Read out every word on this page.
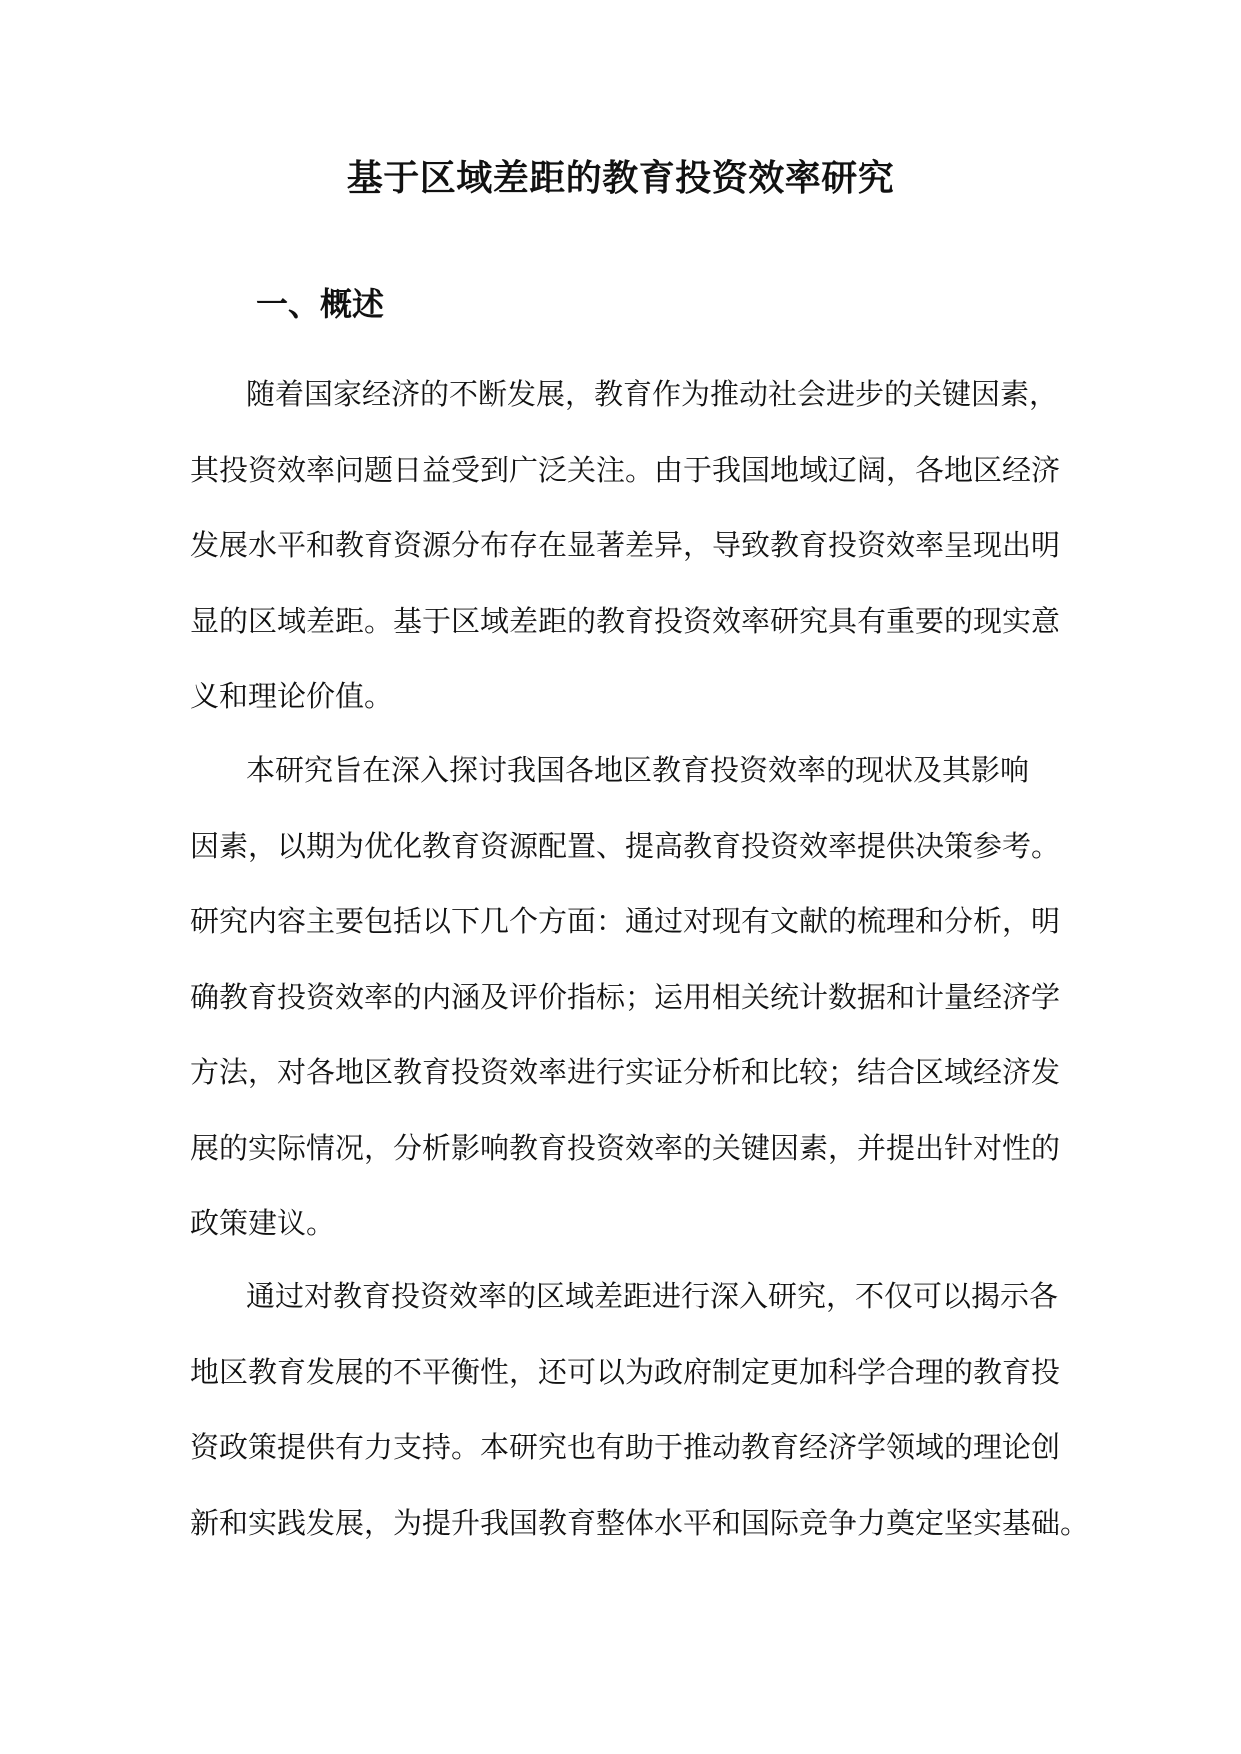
基于区域差距的教育投资效率研究
一、概述
随着国家经济的不断发展，教育作为推动社会进步的关键因素，
其投资效率问题日益受到广泛关注。由于我国地域辽阔，各地区经济
发展水平和教育资源分布存在显著差异，导致教育投资效率呈现出明
显的区域差距。基于区域差距的教育投资效率研究具有重要的现实意
义和理论价值。
本研究旨在深入探讨我国各地区教育投资效率的现状及其影响
因素，以期为优化教育资源配置、提高教育投资效率提供决策参考。
研究内容主要包括以下几个方面：通过对现有文献的梳理和分析，明
确教育投资效率的内涵及评价指标；运用相关统计数据和计量经济学
方法，对各地区教育投资效率进行实证分析和比较；结合区域经济发
展的实际情况，分析影响教育投资效率的关键因素，并提出针对性的
政策建议。
通过对教育投资效率的区域差距进行深入研究，不仅可以揭示各
地区教育发展的不平衡性，还可以为政府制定更加科学合理的教育投
资政策提供有力支持。本研究也有助于推动教育经济学领域的理论创
新和实践发展，为提升我国教育整体水平和国际竞争力奠定坚实基础。
